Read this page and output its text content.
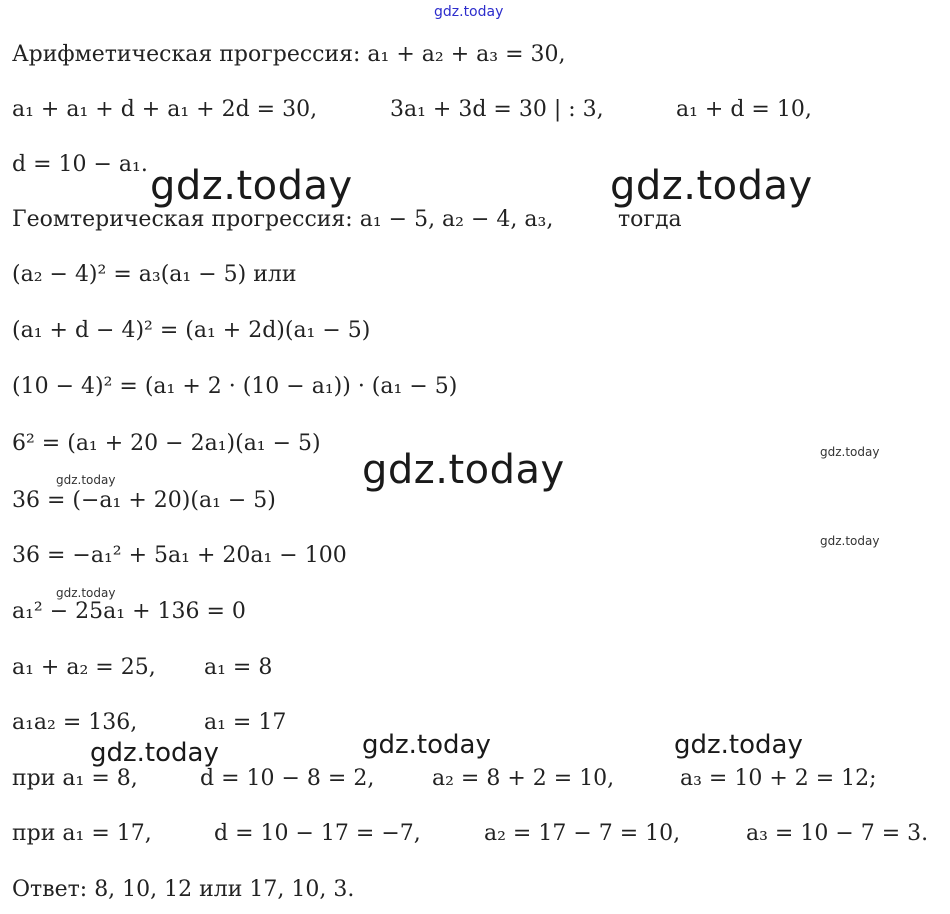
gdz.today
gdz.today	gdz.today
gdz.today
gdz.today	gdz.today	gdz.today
gdz.today
gdz.today
gdz.today
gdz.today
Арифметическая прогрессия: a₁ + a₂ + a₃ = 30,
a₁ + a₁ + d + a₁ + 2d = 30,	3a₁ + 3d = 30 | : 3,	a₁ + d = 10,
d = 10 − a₁.
Геомтерическая прогрессия: a₁ − 5, a₂ − 4, a₃,	тогда
(a₂ − 4)² = a₃(a₁ − 5) или
(a₁ + d − 4)² = (a₁ + 2d)(a₁ − 5)
(10 − 4)² = (a₁ + 2 · (10 − a₁)) · (a₁ − 5)
6² = (a₁ + 20 − 2a₁)(a₁ − 5)
36 = (−a₁ + 20)(a₁ − 5)
36 = −a₁² + 5a₁ + 20a₁ − 100
a₁² − 25a₁ + 136 = 0
a₁ + a₂ = 25, a₁ = 8
a₁a₂ = 136,	a₁ = 17
при a₁ = 8,	d = 10 − 8 = 2,	a₂ = 8 + 2 = 10,	a₃ = 10 + 2 = 12;
при a₁ = 17,	d = 10 − 17 = −7,	a₂ = 17 − 7 = 10,	a₃ = 10 − 7 = 3.
Ответ: 8, 10, 12 или 17, 10, 3.
